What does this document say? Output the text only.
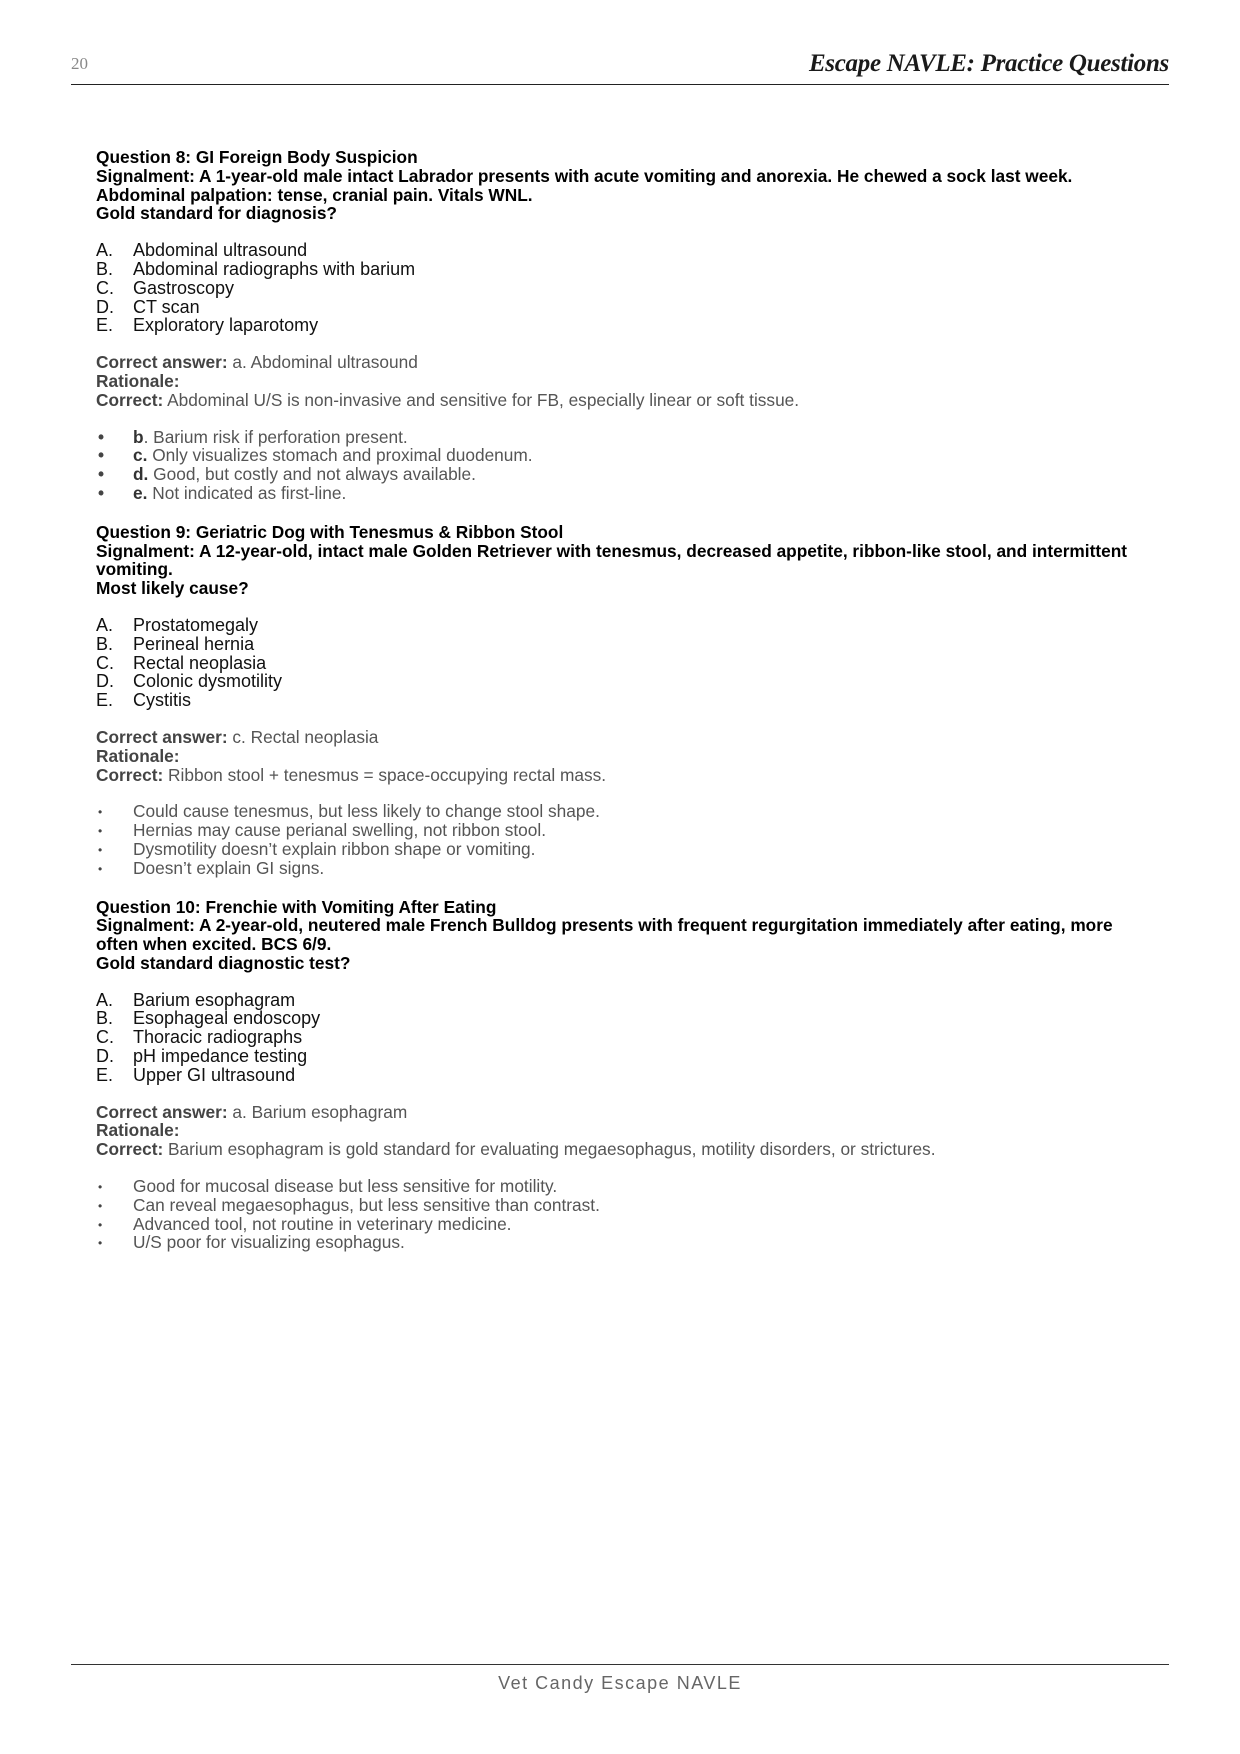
20	Escape NAVLE: Practice Questions
Question 8: GI Foreign Body Suspicion
Signalment: A 1-year-old male intact Labrador presents with acute vomiting and anorexia. He chewed a sock last week. Abdominal palpation: tense, cranial pain. Vitals WNL.
Gold standard for diagnosis?
A. Abdominal ultrasound
B. Abdominal radiographs with barium
C. Gastroscopy
D. CT scan
E. Exploratory laparotomy
Correct answer: a. Abdominal ultrasound
Rationale:
Correct: Abdominal U/S is non-invasive and sensitive for FB, especially linear or soft tissue.
• b. Barium risk if perforation present.
• c. Only visualizes stomach and proximal duodenum.
• d. Good, but costly and not always available.
• e. Not indicated as first-line.
Question 9: Geriatric Dog with Tenesmus & Ribbon Stool
Signalment: A 12-year-old, intact male Golden Retriever with tenesmus, decreased appetite, ribbon-like stool, and intermittent vomiting.
Most likely cause?
A. Prostatomegaly
B. Perineal hernia
C. Rectal neoplasia
D. Colonic dysmotility
E. Cystitis
Correct answer: c. Rectal neoplasia
Rationale:
Correct: Ribbon stool + tenesmus = space-occupying rectal mass.
• Could cause tenesmus, but less likely to change stool shape.
• Hernias may cause perianal swelling, not ribbon stool.
• Dysmotility doesn’t explain ribbon shape or vomiting.
• Doesn’t explain GI signs.
Question 10: Frenchie with Vomiting After Eating
Signalment: A 2-year-old, neutered male French Bulldog presents with frequent regurgitation immediately after eating, more often when excited. BCS 6/9.
Gold standard diagnostic test?
A. Barium esophagram
B. Esophageal endoscopy
C. Thoracic radiographs
D. pH impedance testing
E. Upper GI ultrasound
Correct answer: a. Barium esophagram
Rationale:
Correct: Barium esophagram is gold standard for evaluating megaesophagus, motility disorders, or strictures.
• Good for mucosal disease but less sensitive for motility.
• Can reveal megaesophagus, but less sensitive than contrast.
• Advanced tool, not routine in veterinary medicine.
• U/S poor for visualizing esophagus.
Vet Candy Escape NAVLE
